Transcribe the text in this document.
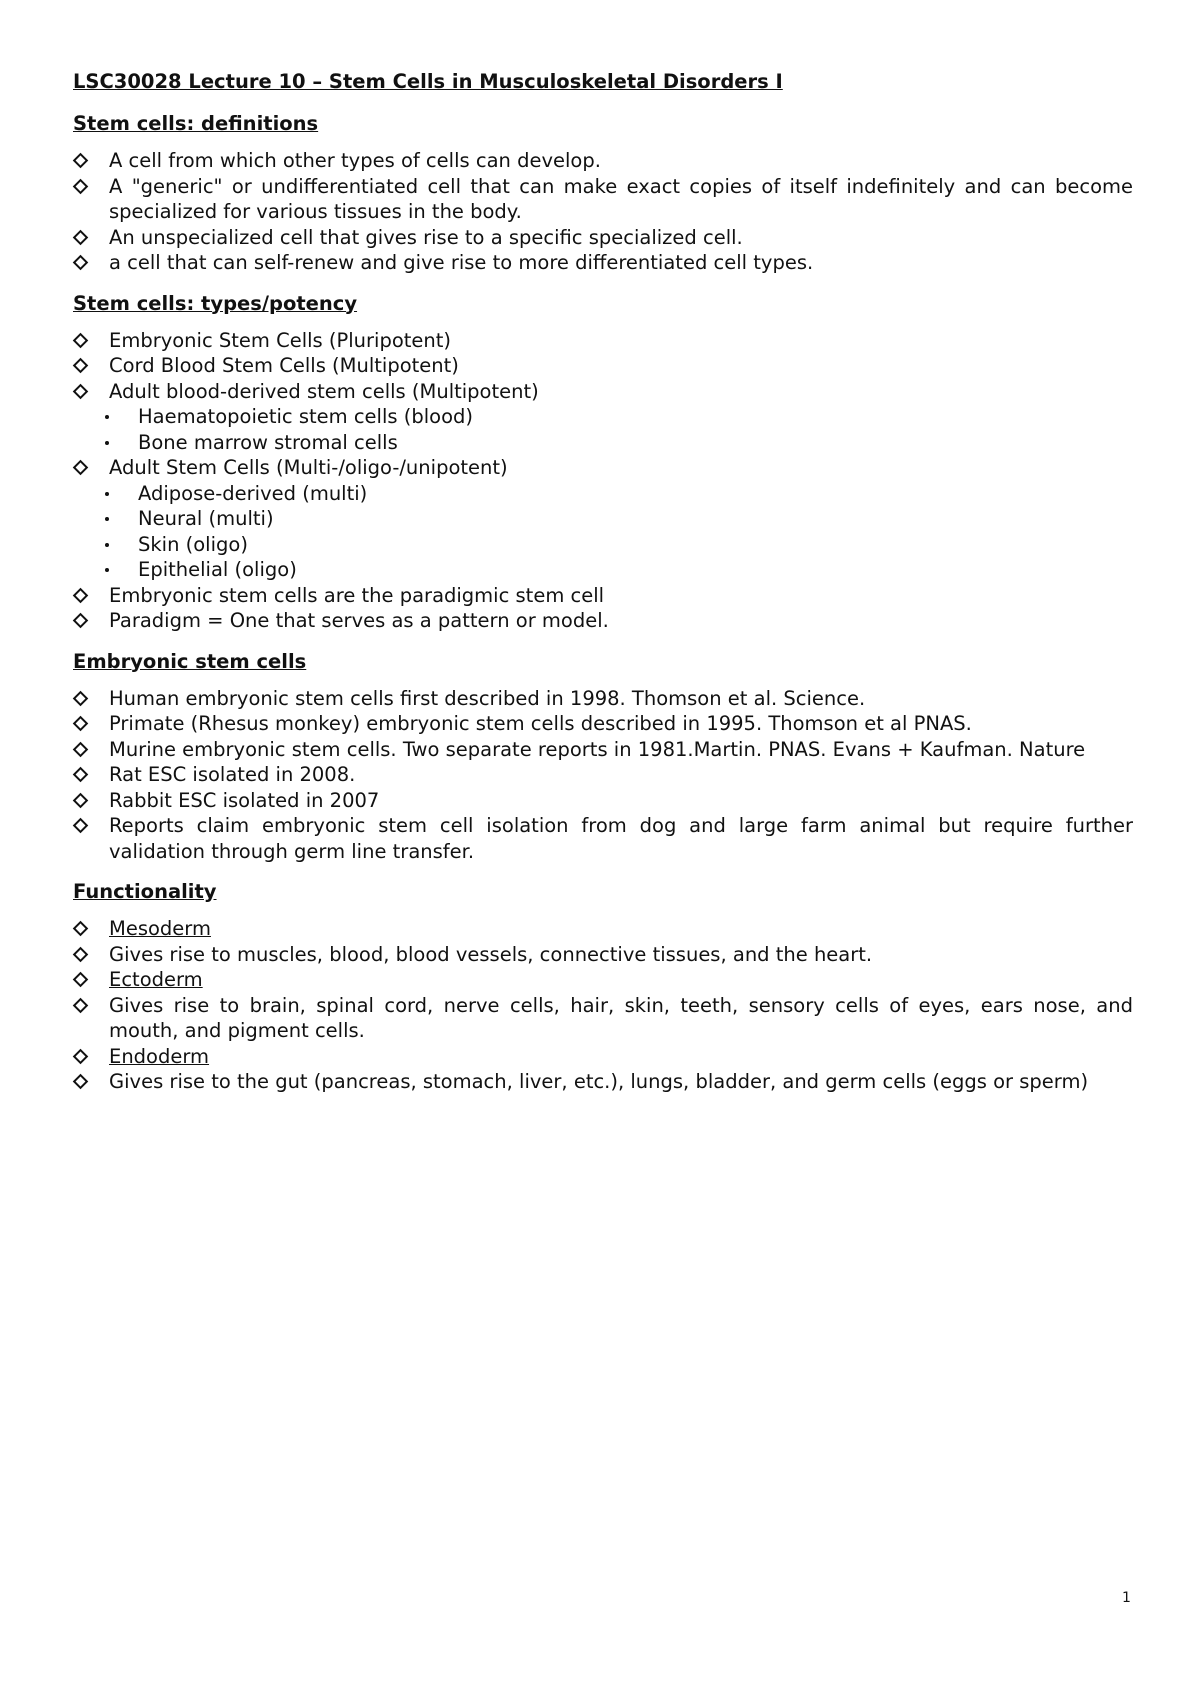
LSC30028 Lecture 10 – Stem Cells in Musculoskeletal Disorders I
Stem cells: definitions
A cell from which other types of cells can develop.
A "generic" or undifferentiated cell that can make exact copies of itself indefinitely and can become specialized for various tissues in the body.
An unspecialized cell that gives rise to a specific specialized cell.
a cell that can self-renew and give rise to more differentiated cell types.
Stem cells: types/potency
Embryonic Stem Cells (Pluripotent)
Cord Blood Stem Cells (Multipotent)
Adult blood-derived stem cells (Multipotent)
Haematopoietic stem cells (blood)
Bone marrow stromal cells
Adult Stem Cells (Multi-/oligo-/unipotent)
Adipose-derived (multi)
Neural (multi)
Skin (oligo)
Epithelial (oligo)
Embryonic stem cells are the paradigmic stem cell
Paradigm = One that serves as a pattern or model.
Embryonic stem cells
Human embryonic stem cells first described in 1998. Thomson et al. Science.
Primate (Rhesus monkey) embryonic stem cells described in 1995. Thomson et al PNAS.
Murine embryonic stem cells. Two separate reports in 1981.Martin. PNAS. Evans + Kaufman. Nature
Rat ESC isolated in 2008.
Rabbit ESC isolated in 2007
Reports claim embryonic stem cell isolation from dog and large farm animal but require further validation through germ line transfer.
Functionality
Mesoderm
Gives rise to muscles, blood, blood vessels, connective tissues, and the heart.
Ectoderm
Gives rise to brain, spinal cord, nerve cells, hair, skin, teeth, sensory cells of eyes, ears nose, and mouth, and pigment cells.
Endoderm
Gives rise to the gut (pancreas, stomach, liver, etc.), lungs, bladder, and germ cells (eggs or sperm)
1
